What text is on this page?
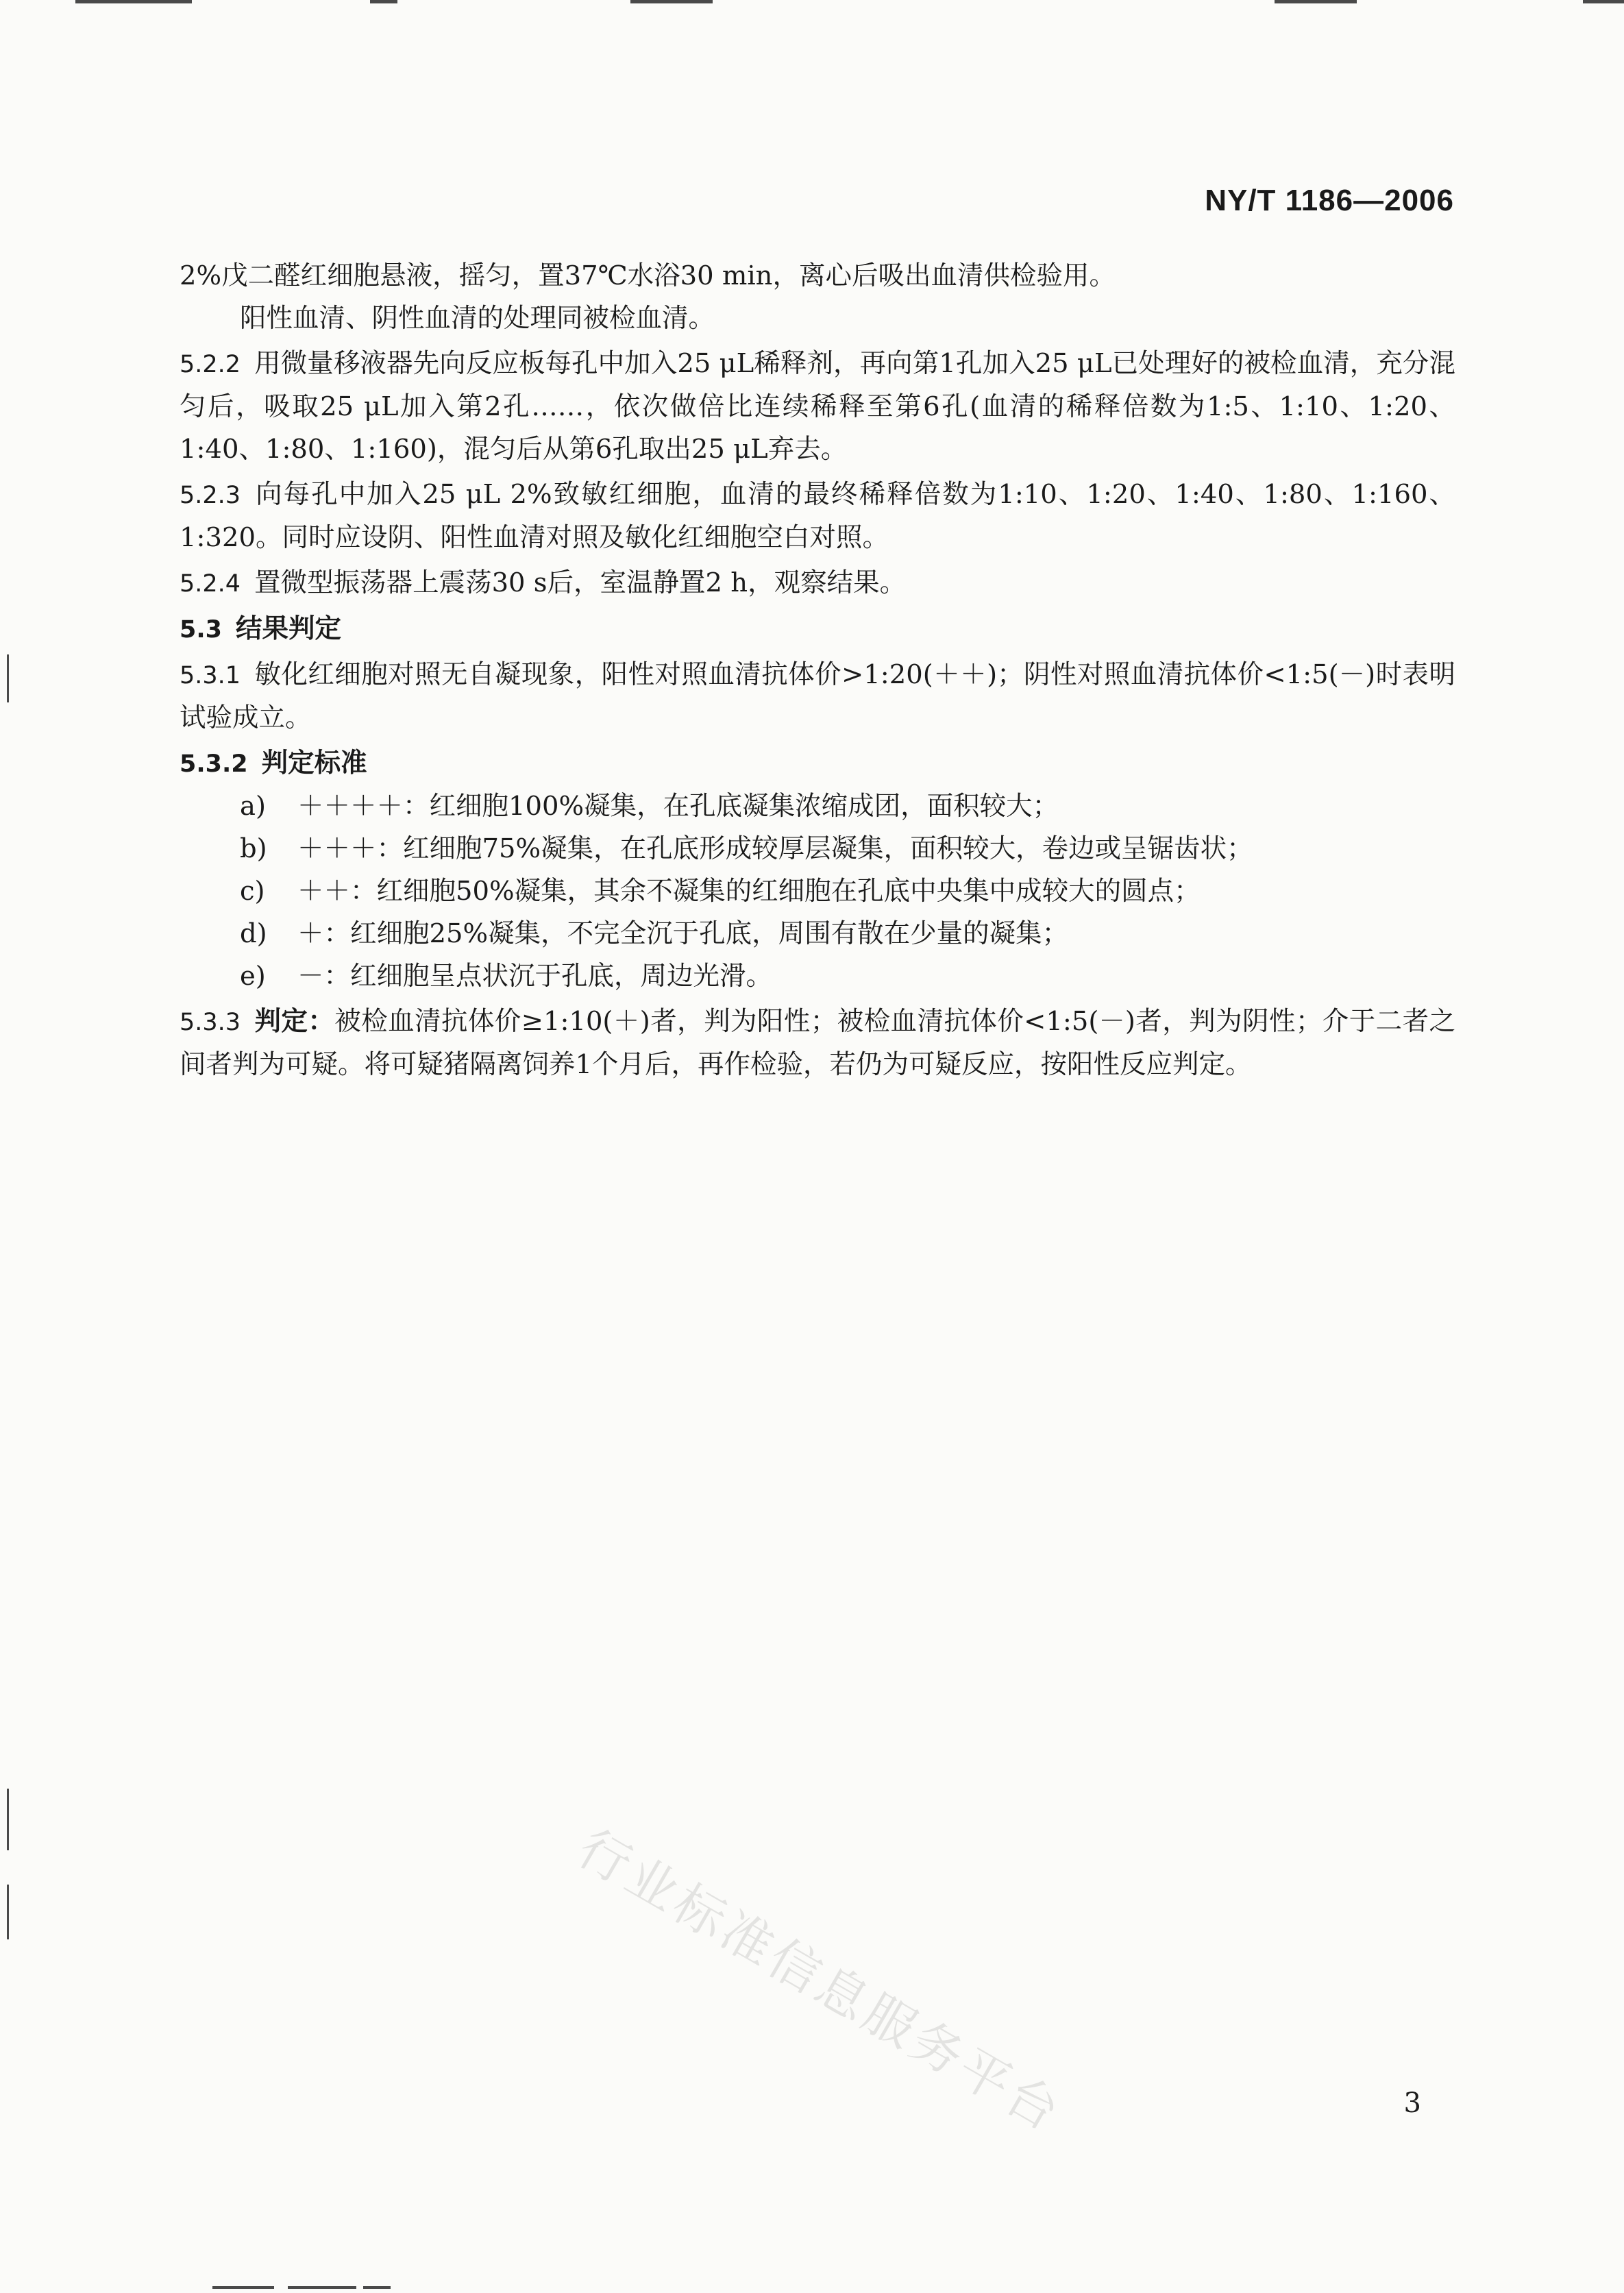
NY/T 1186—2006

2%戊二醛红细胞悬液，摇匀，置37℃水浴30 min，离心后吸出血清供检验用。

阳性血清、阴性血清的处理同被检血清。

5.2.2 用微量移液器先向反应板每孔中加入25 μL稀释剂，再向第1孔加入25 μL已处理好的被检血清，充分混匀后，吸取25 μL加入第2孔……，依次做倍比连续稀释至第6孔(血清的稀释倍数为1:5、1:10、1:20、1:40、1:80、1:160)，混匀后从第6孔取出25 μL弃去。

5.2.3 向每孔中加入25 μL 2%致敏红细胞，血清的最终稀释倍数为1:10、1:20、1:40、1:80、1:160、1:320。同时应设阴、阳性血清对照及敏化红细胞空白对照。

5.2.4 置微型振荡器上震荡30 s后，室温静置2 h，观察结果。

5.3 结果判定

5.3.1 敏化红细胞对照无自凝现象，阳性对照血清抗体价>1:20(＋＋)；阴性对照血清抗体价<1:5(－)时表明试验成立。

5.3.2 判定标准

a) ＋＋＋＋：红细胞100%凝集，在孔底凝集浓缩成团，面积较大；

b) ＋＋＋：红细胞75%凝集，在孔底形成较厚层凝集，面积较大，卷边或呈锯齿状；

c) ＋＋：红细胞50%凝集，其余不凝集的红细胞在孔底中央集中成较大的圆点；

d) ＋：红细胞25%凝集，不完全沉于孔底，周围有散在少量的凝集；

e) －：红细胞呈点状沉于孔底，周边光滑。

5.3.3 判定：被检血清抗体价≥1:10(＋)者，判为阳性；被检血清抗体价<1:5(－)者，判为阴性；介于二者之间者判为可疑。将可疑猪隔离饲养1个月后，再作检验，若仍为可疑反应，按阳性反应判定。

行业标准信息服务平台	3
